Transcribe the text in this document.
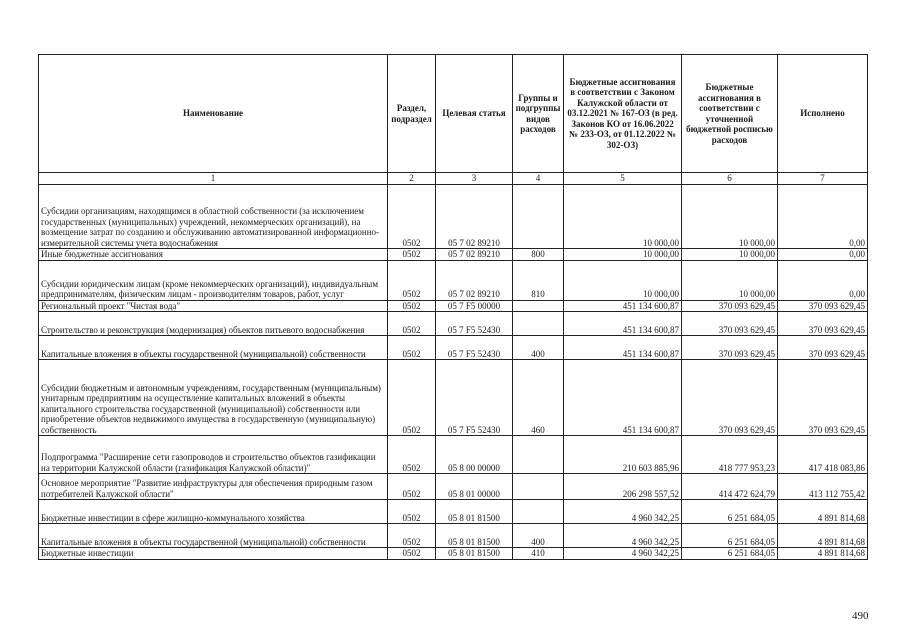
Наименование	Раздел, подраздел	Целевая статья	Группы и подгруппы видов расходов	Бюджетные ассигнования в соответствии с Законом Калужской области от 03.12.2021 № 167-ОЗ (в ред. Законов КО от 16.06.2022 № 233-ОЗ, от 01.12.2022 № 302-ОЗ)	Бюджетные ассигнования в соответствии с уточненной бюджетной росписью расходов	Исполнено
1	2	3	4	5	6	7
Субсидии организациям, находящимся в областной собственности (за исключением государственных (муниципальных) учреждений, некоммерческих организаций), на возмещение затрат по созданию и обслуживанию автоматизированной информационно-измерительной системы учета водоснабжения	0502	05 7 02 89210		10 000,00	10 000,00	0,00
Иные бюджетные ассигнования	0502	05 7 02 89210	800	10 000,00	10 000,00	0,00
Субсидии юридическим лицам (кроме некоммерческих организаций), индивидуальным предпринимателям, физическим лицам - производителям товаров, работ, услуг	0502	05 7 02 89210	810	10 000,00	10 000,00	0,00
Региональный проект "Чистая вода"	0502	05 7 F5 00000		451 134 600,87	370 093 629,45	370 093 629,45
Строительство и реконструкция (модернизация) объектов питьевого водоснабжения	0502	05 7 F5 52430		451 134 600,87	370 093 629,45	370 093 629,45
Капитальные вложения в объекты государственной (муниципальной) собственности	0502	05 7 F5 52430	400	451 134 600,87	370 093 629,45	370 093 629,45
Субсидии бюджетным и автономным учреждениям, государственным (муниципальным) унитарным предприятиям на осуществление капитальных вложений в объекты капитального строительства государственной (муниципальной) собственности или приобретение объектов недвижимого имущества в государственную (муниципальную) собственность	0502	05 7 F5 52430	460	451 134 600,87	370 093 629,45	370 093 629,45
Подпрограмма "Расширение сети газопроводов и строительство объектов газификации на территории Калужской области (газификация Калужской области)"	0502	05 8 00 00000		210 603 885,96	418 777 953,23	417 418 083,86
Основное мероприятие "Развитие инфраструктуры для обеспечения природным газом потребителей Калужской области"	0502	05 8 01 00000		206 298 557,52	414 472 624,79	413 112 755,42
Бюджетные инвестиции в сфере жилищно-коммунального хозяйства	0502	05 8 01 81500		4 960 342,25	6 251 684,05	4 891 814,68
Капитальные вложения в объекты государственной (муниципальной) собственности	0502	05 8 01 81500	400	4 960 342,25	6 251 684,05	4 891 814,68
Бюджетные инвестиции	0502	05 8 01 81500	410	4 960 342,25	6 251 684,05	4 891 814,68
490
